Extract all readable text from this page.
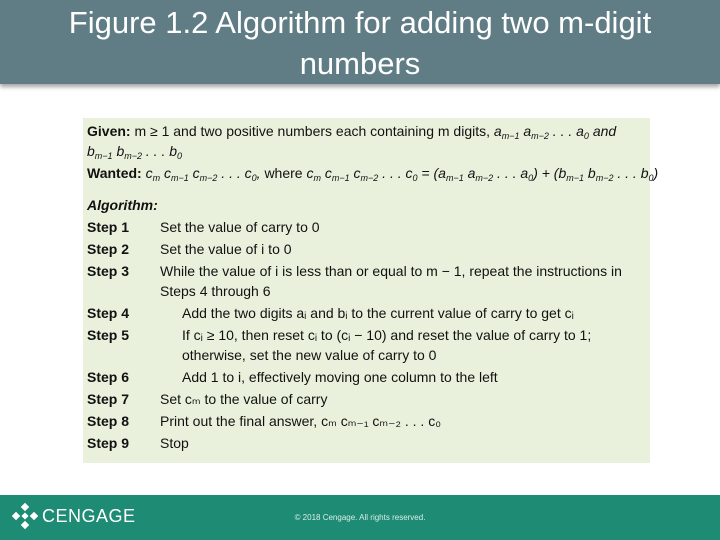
Figure 1.2 Algorithm for adding two m-digit
numbers
Given: m ≥ 1 and two positive numbers each containing m digits, $a_{m-1}$ $a_{m-2}$ . . . $a_0$ and
$b_{m-1}$ $b_{m-2}$ . . . $b_0$
Wanted: $c_m$ $c_{m-1}$ $c_{m-2}$ . . . $c_0$, where $c_m$ $c_{m-1}$ $c_{m-2}$ . . . $c_0 = (a_{m-1}$ $a_{m-2}$ . . . $a_0) + (b_{m-1}$ $b_{m-2}$ . . . $b_0$)
Algorithm:
Step 1	Set the value of carry to 0
Step 2	Set the value of i to 0
Step 3	While the value of i is less than or equal to m − 1, repeat the instructions in
Steps 4 through 6
Step 4	Add the two digits aᵢ and bᵢ to the current value of carry to get cᵢ
Step 5	If cᵢ ≥ 10, then reset cᵢ to (cᵢ − 10) and reset the value of carry to 1;
otherwise, set the new value of carry to 0
Step 6	Add 1 to i, effectively moving one column to the left
Step 7	Set cₘ to the value of carry
Step 8	Print out the final answer, cₘ cₘ₋₁ cₘ₋₂ . . . c₀
Step 9	Stop
CENGAGE	© 2018 Cengage. All rights reserved.
